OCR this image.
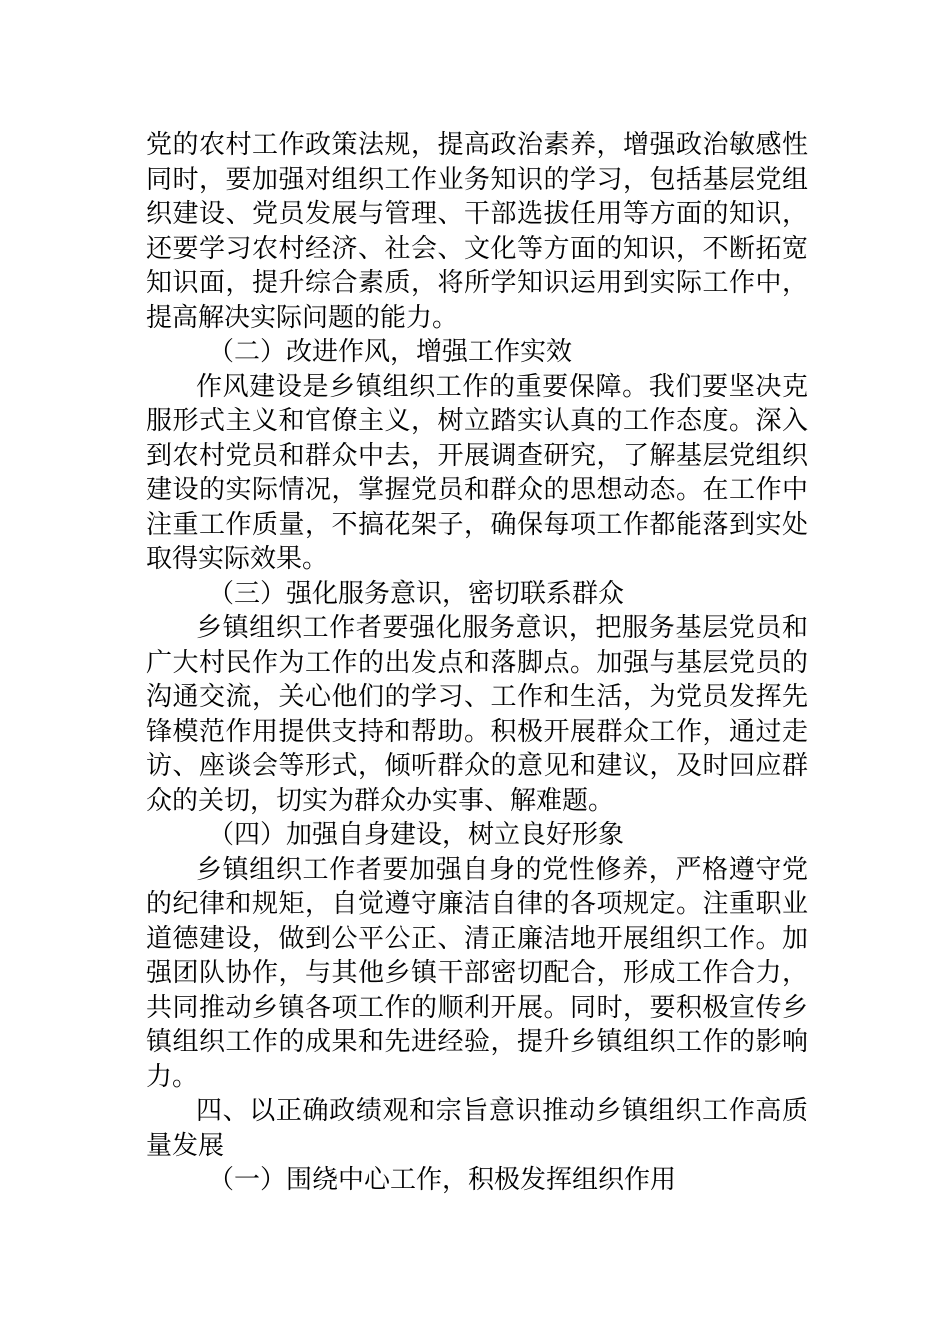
党的农村工作政策法规，提高政治素养，增强政治敏感性
同时，要加强对组织工作业务知识的学习，包括基层党组
织建设、党员发展与管理、干部选拔任用等方面的知识，
还要学习农村经济、社会、文化等方面的知识，不断拓宽
知识面，提升综合素质，将所学知识运用到实际工作中，
提高解决实际问题的能力。
（二）改进作风，增强工作实效
作风建设是乡镇组织工作的重要保障。我们要坚决克
服形式主义和官僚主义，树立踏实认真的工作态度。深入
到农村党员和群众中去，开展调查研究，了解基层党组织
建设的实际情况，掌握党员和群众的思想动态。在工作中
注重工作质量，不搞花架子，确保每项工作都能落到实处
取得实际效果。
（三）强化服务意识，密切联系群众
乡镇组织工作者要强化服务意识，把服务基层党员和
广大村民作为工作的出发点和落脚点。加强与基层党员的
沟通交流，关心他们的学习、工作和生活，为党员发挥先
锋模范作用提供支持和帮助。积极开展群众工作，通过走
访、座谈会等形式，倾听群众的意见和建议，及时回应群
众的关切，切实为群众办实事、解难题。
（四）加强自身建设，树立良好形象
乡镇组织工作者要加强自身的党性修养，严格遵守党
的纪律和规矩，自觉遵守廉洁自律的各项规定。注重职业
道德建设，做到公平公正、清正廉洁地开展组织工作。加
强团队协作，与其他乡镇干部密切配合，形成工作合力，
共同推动乡镇各项工作的顺利开展。同时，要积极宣传乡
镇组织工作的成果和先进经验，提升乡镇组织工作的影响
力。
四、以正确政绩观和宗旨意识推动乡镇组织工作高质
量发展
（一）围绕中心工作，积极发挥组织作用
